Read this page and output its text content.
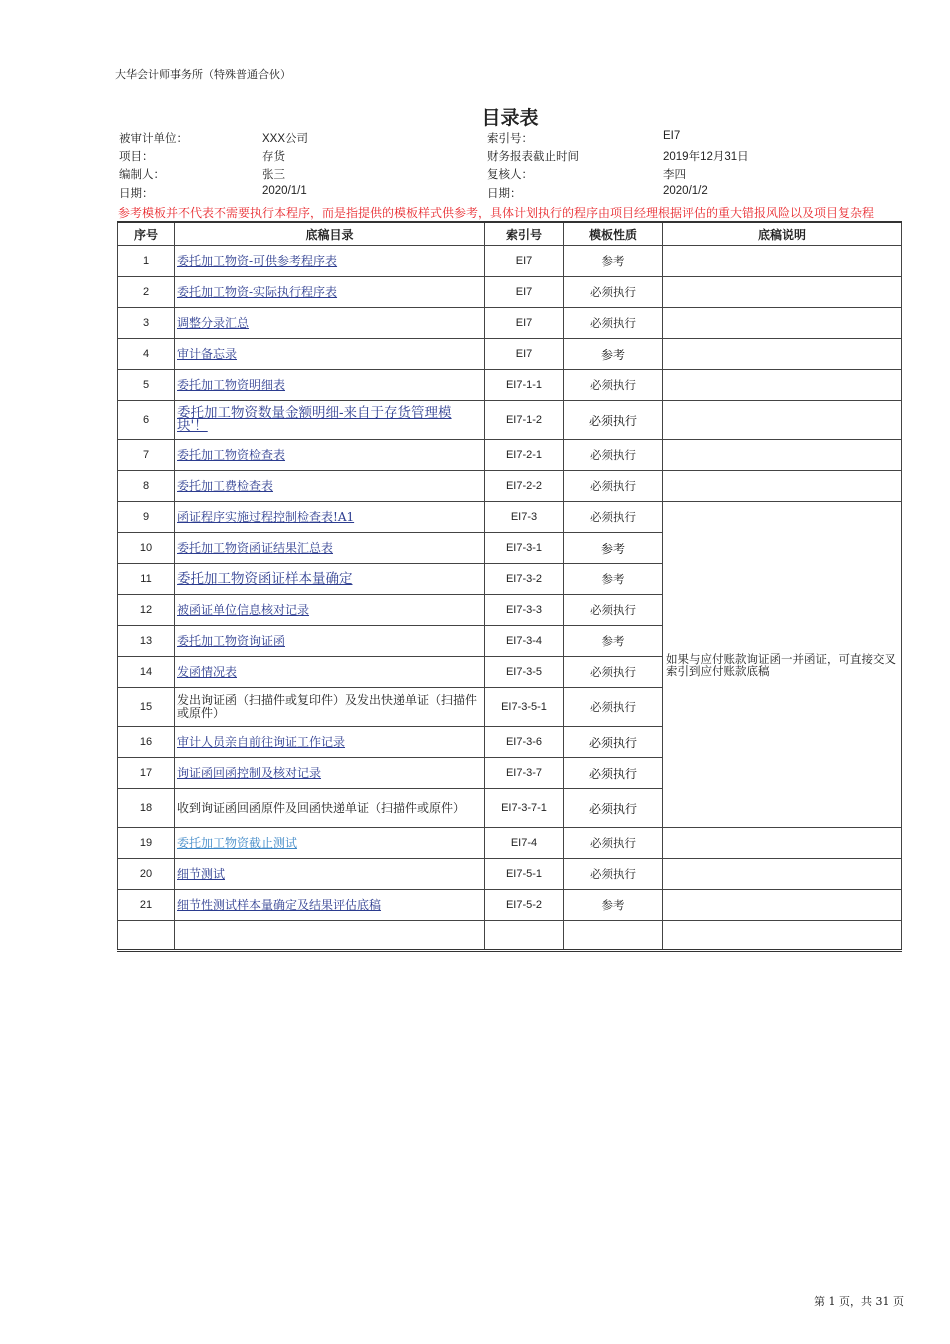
大华会计师事务所（特殊普通合伙）
目录表
被审计单位：	XXX公司	索引号：	EI7
项目：	存货	财务报表截止时间	2019年12月31日
编制人：	张三	复核人：	李四
日期：	2020/1/1	日期：	2020/1/2
参考模板并不代表不需要执行本程序，而是指提供的模板样式供参考，具体计划执行的程序由项目经理根据评估的重大错报风险以及项目复杂程
序号	底稿目录	索引号	模板性质	底稿说明
1	委托加工物资-可供参考程序表	EI7	参考	
2	委托加工物资-实际执行程序表	EI7	必须执行	
3	调整分录汇总	EI7	必须执行	
4	审计备忘录	EI7	参考	
5	委托加工物资明细表	EI7-1-1	必须执行	
6	委托加工物资数量金额明细-来自于存货管理模块'！	EI7-1-2	必须执行	
7	委托加工物资检查表	EI7-2-1	必须执行	
8	委托加工费检查表	EI7-2-2	必须执行	
9	函证程序实施过程控制检查表!A1	EI7-3	必须执行	如果与应付账款询证函一并函证，可直接交叉索引到应付账款底稿
10	委托加工物资函证结果汇总表	EI7-3-1	参考	
11	委托加工物资函证样本量确定	EI7-3-2	参考	
12	被函证单位信息核对记录	EI7-3-3	必须执行	
13	委托加工物资询证函	EI7-3-4	参考	
14	发函情况表	EI7-3-5	必须执行	
15	发出询证函（扫描件或复印件）及发出快递单证（扫描件或原件）	EI7-3-5-1	必须执行	
16	审计人员亲自前往询证工作记录	EI7-3-6	必须执行	
17	询证函回函控制及核对记录	EI7-3-7	必须执行	
18	收到询证函回函原件及回函快递单证（扫描件或原件）	EI7-3-7-1	必须执行	
19	委托加工物资截止测试	EI7-4	必须执行	
20	细节测试	EI7-5-1	必须执行	
21	细节性测试样本量确定及结果评估底稿	EI7-5-2	参考	

第 1 页，共 31 页
